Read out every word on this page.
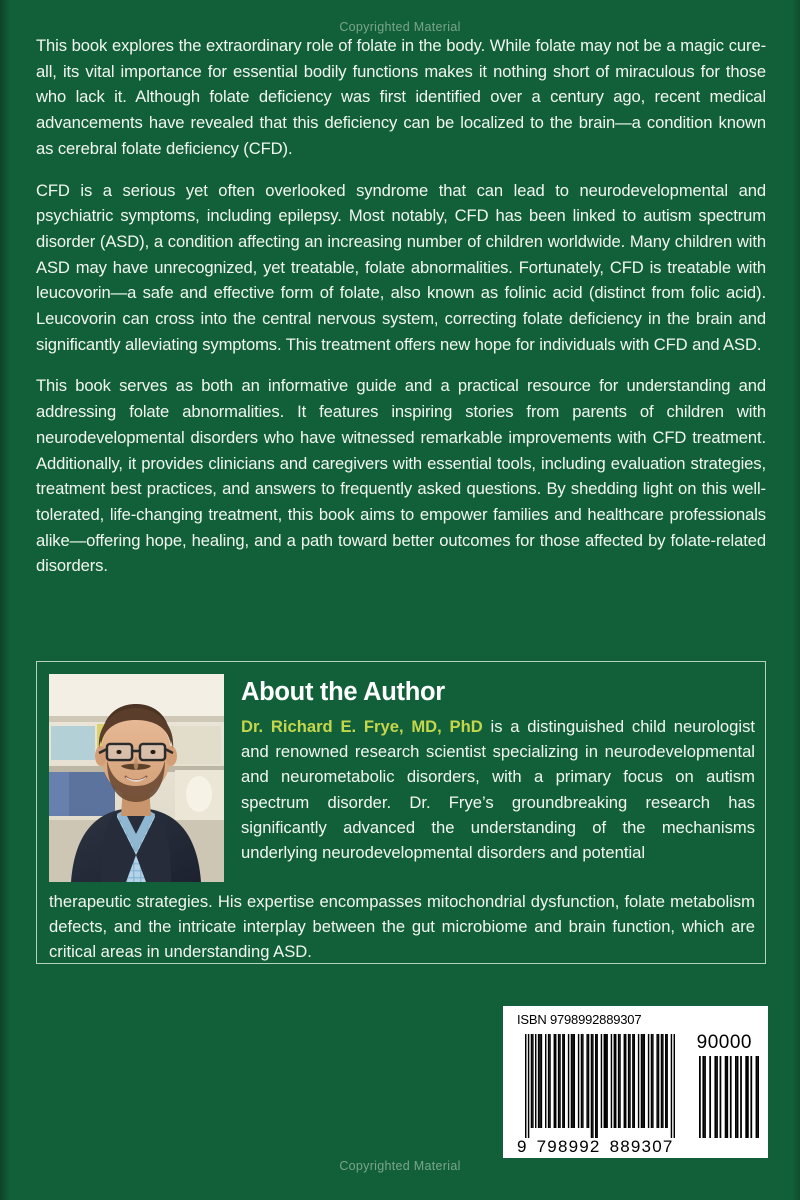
Copyrighted Material

This book explores the extraordinary role of folate in the body. While folate may not be a magic cure-all, its vital importance for essential bodily functions makes it nothing short of miraculous for those who lack it. Although folate deficiency was first identified over a century ago, recent medical advancements have revealed that this deficiency can be localized to the brain—a condition known as cerebral folate deficiency (CFD).

CFD is a serious yet often overlooked syndrome that can lead to neurodevelopmental and psychiatric symptoms, including epilepsy. Most notably, CFD has been linked to autism spectrum disorder (ASD), a condition affecting an increasing number of children worldwide. Many children with ASD may have unrecognized, yet treatable, folate abnormalities. Fortunately, CFD is treatable with leucovorin—a safe and effective form of folate, also known as folinic acid (distinct from folic acid). Leucovorin can cross into the central nervous system, correcting folate deficiency in the brain and significantly alleviating symptoms. This treatment offers new hope for individuals with CFD and ASD.

This book serves as both an informative guide and a practical resource for understanding and addressing folate abnormalities. It features inspiring stories from parents of children with neurodevelopmental disorders who have witnessed remarkable improvements with CFD treatment. Additionally, it provides clinicians and caregivers with essential tools, including evaluation strategies, treatment best practices, and answers to frequently asked questions. By shedding light on this well-tolerated, life-changing treatment, this book aims to empower families and healthcare professionals alike—offering hope, healing, and a path toward better outcomes for those affected by folate-related disorders.

About the Author
Dr. Richard E. Frye, MD, PhD is a distinguished child neurologist and renowned research scientist specializing in neurodevelopmental and neurometabolic disorders, with a primary focus on autism spectrum disorder. Dr. Frye’s groundbreaking research has significantly advanced the understanding of the mechanisms underlying neurodevelopmental disorders and potential
therapeutic strategies. His expertise encompasses mitochondrial dysfunction, folate metabolism defects, and the intricate interplay between the gut microbiome and brain function, which are critical areas in understanding ASD.
ISBN 9798992889307
90000
9 798992 889307
Copyrighted Material
